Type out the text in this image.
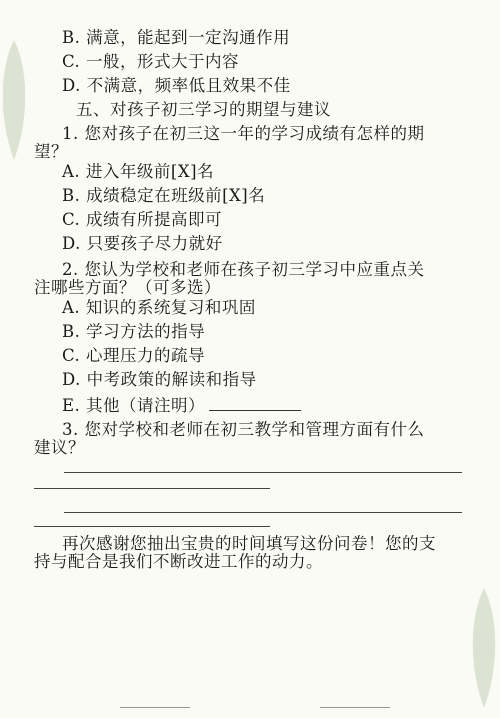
B. 满意，能起到一定沟通作用
C. 一般，形式大于内容
D. 不满意，频率低且效果不佳
五、对孩子初三学习的期望与建议
1. 您对孩子在初三这一年的学习成绩有怎样的期
望？
A. 进入年级前[X]名
B. 成绩稳定在班级前[X]名
C. 成绩有所提高即可
D. 只要孩子尽力就好
2. 您认为学校和老师在孩子初三学习中应重点关
注哪些方面？（可多选）
A. 知识的系统复习和巩固
B. 学习方法的指导
C. 心理压力的疏导
D. 中考政策的解读和指导
E. 其他（请注明）
3. 您对学校和老师在初三教学和管理方面有什么
建议？
再次感谢您抽出宝贵的时间填写这份问卷！您的支
持与配合是我们不断改进工作的动力。
